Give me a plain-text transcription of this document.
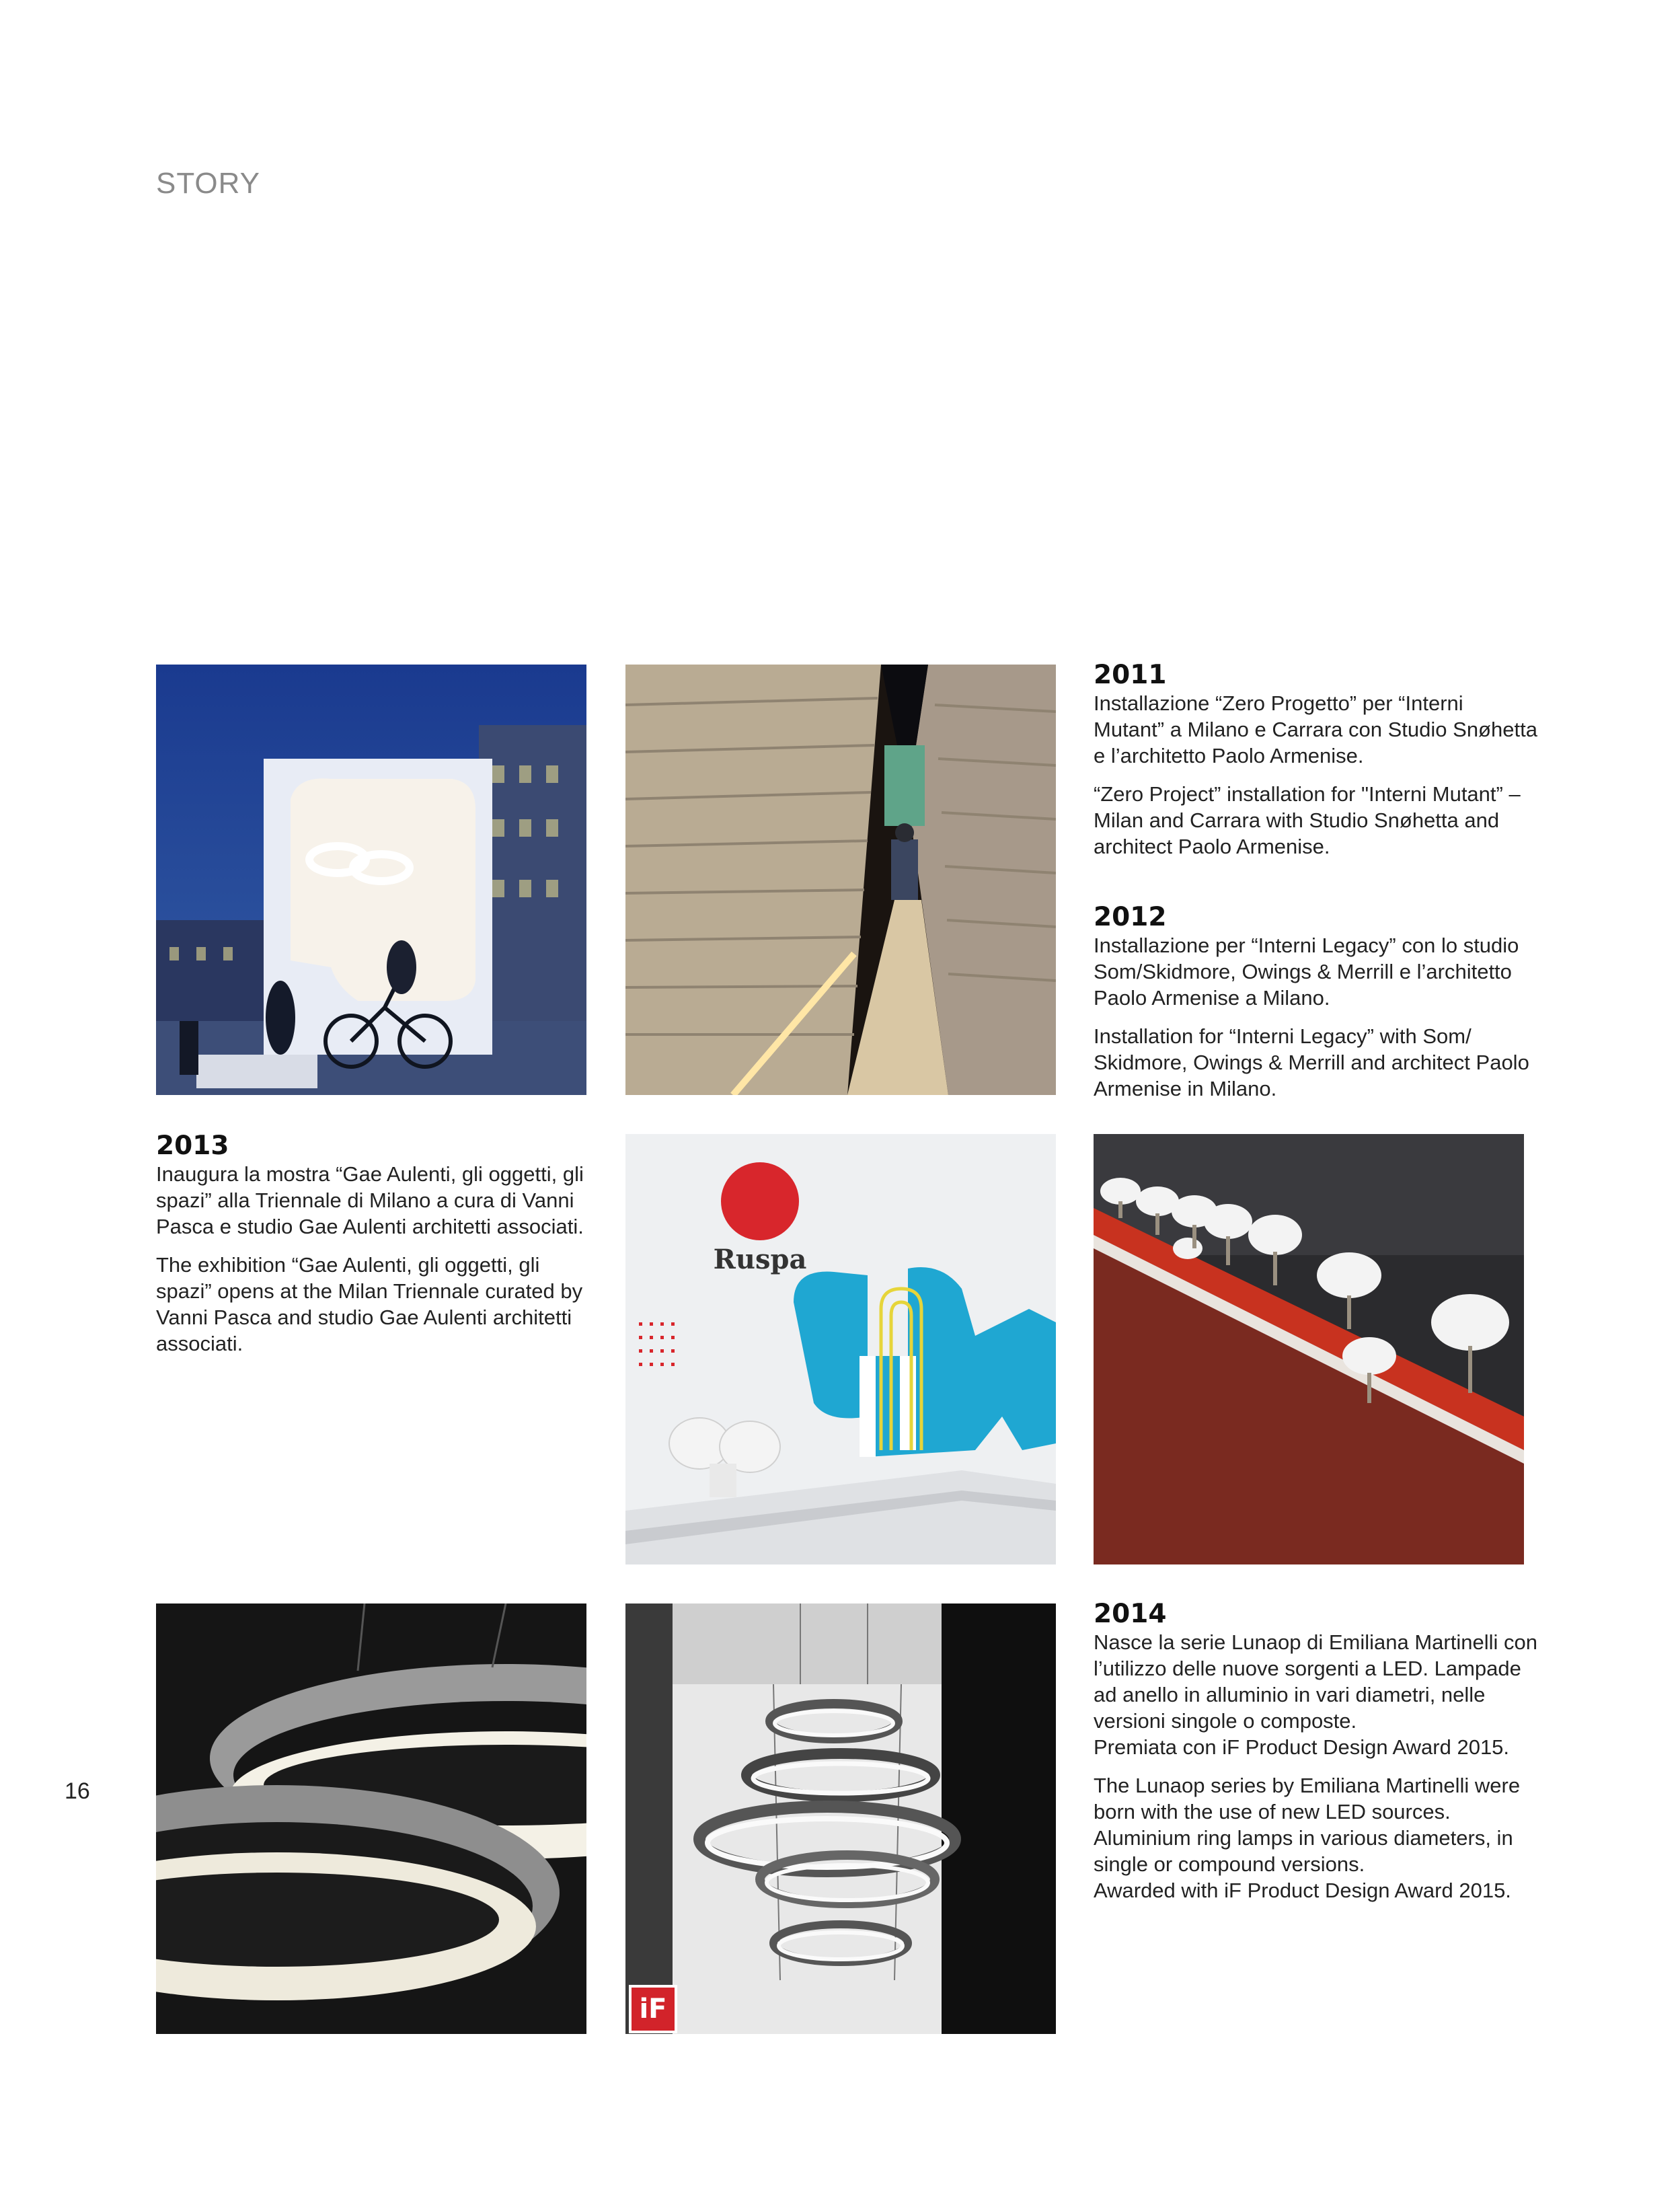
STORY
2011

Installazione “Zero Progetto” per “Interni Mutant” a Milano e Carrara con Studio Snøhetta e l’architetto Paolo Armenise.

“Zero Project” installation for "Interni Mutant” – Milan and Carrara with Studio Snøhetta and architect Paolo Armenise.

2012

Installazione per “Interni Legacy” con lo studio Som/Skidmore, Owings & Merrill e l’architetto Paolo Armenise a Milano.

Installation for “Interni Legacy” with Som/ Skidmore, Owings & Merrill and architect Paolo Armenise in Milano.

2013

Inaugura la mostra “Gae Aulenti, gli oggetti, gli spazi” alla Triennale di Milano a cura di Vanni Pasca e studio Gae Aulenti architetti associati.

The exhibition “Gae Aulenti, gli oggetti, gli spazi” opens at the Milan Triennale curated by Vanni Pasca and studio Gae Aulenti architetti associati.

Ruspa
iF
2014

Nasce la serie Lunaop di Emiliana Martinelli con l’utilizzo delle nuove sorgenti a LED. Lampade ad anello in alluminio in vari diametri, nelle versioni singole o composte.
Premiata con iF Product Design Award 2015.

The Lunaop series by Emiliana Martinelli were born with the use of new LED sources. Aluminium ring lamps in various diameters, in single or compound versions.
Awarded with iF Product Design Award 2015.

16
